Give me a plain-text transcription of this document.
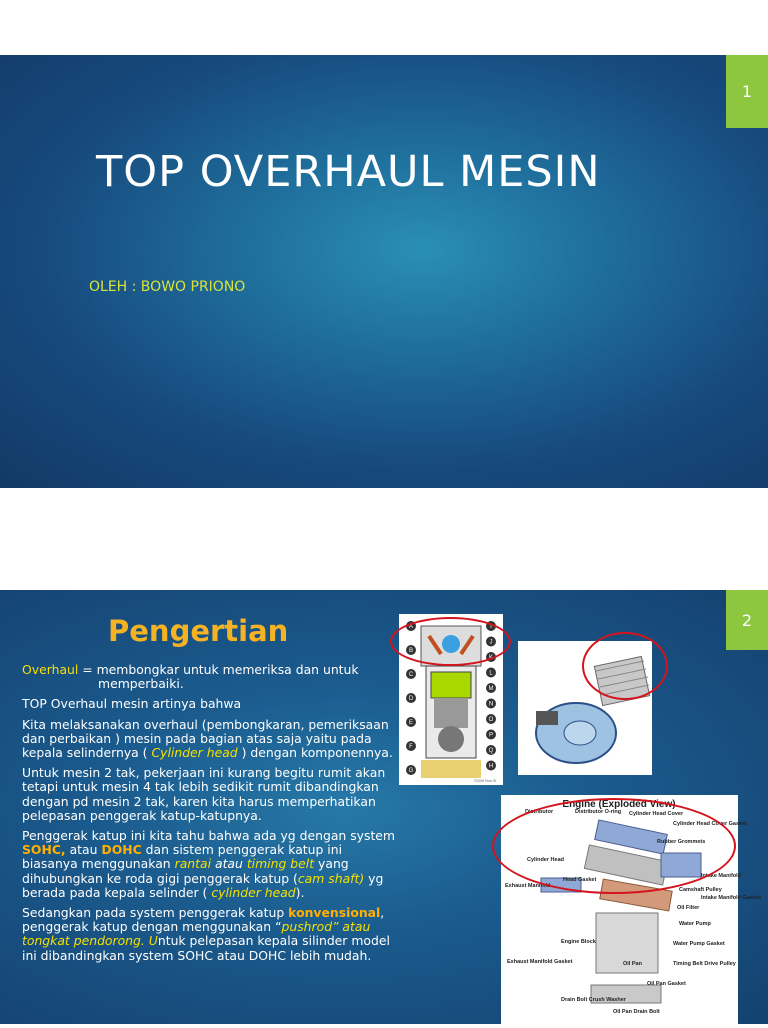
1
TOP OVERHAUL MESIN
OLEH : BOWO PRIONO
2
Pengertian

Overhaul = membongkar untuk memeriksa dan untuk
memperbaiki.

TOP Overhaul mesin artinya bahwa

Kita melaksanakan overhaul (pembongkaran, pemeriksaan dan perbaikan ) mesin pada bagian atas saja yaitu pada kepala selindernya ( Cylinder head ) dengan komponennya.

Untuk mesin 2 tak, pekerjaan ini kurang begitu rumit akan tetapi untuk mesin 4 tak lebih sedikit rumit dibandingkan dengan pd mesin 2 tak, karen kita harus memperhatikan pelepasan penggerak katup-katupnya.

Penggerak katup ini kita tahu bahwa ada yg dengan system SOHC, atau DOHC dan sistem penggerak katup ini biasanya menggunakan rantai atau timing belt yang dihubungkan ke roda gigi penggerak katup (cam shaft) yg berada pada kepala selinder ( cylinder head).

Sedangkan pada system penggerak katup konvensional, penggerak katup dengan menggunakan “pushrod” atau tongkat pendorong. Untuk pelepasan kepala silinder model ini dibandingkan system SOHC atau DOHC lebih mudah.

A
B
C
D
E
F
G
I
J
K
L
M
N
O
P
Q
H
©2006 How St
Engine (Exploded View)
Distributor	Distributor O-ring Cylinder Head Cover
Cylinder Head Cover Gasket
Rubber Grommets
Cylinder Head
Head Gasket
Exhaust Manifold
Camshaft Pulley
Intake Manifold
Intake Manifold Gasket
Oil Filter
Engine Block
Water Pump
Water Pump Gasket
Exhaust Manifold Gasket	Oil Pan	Timing Belt Drive Pulley
Drain Bolt Crush Washer
Oil Pan Gasket
Oil Pan Drain Bolt
